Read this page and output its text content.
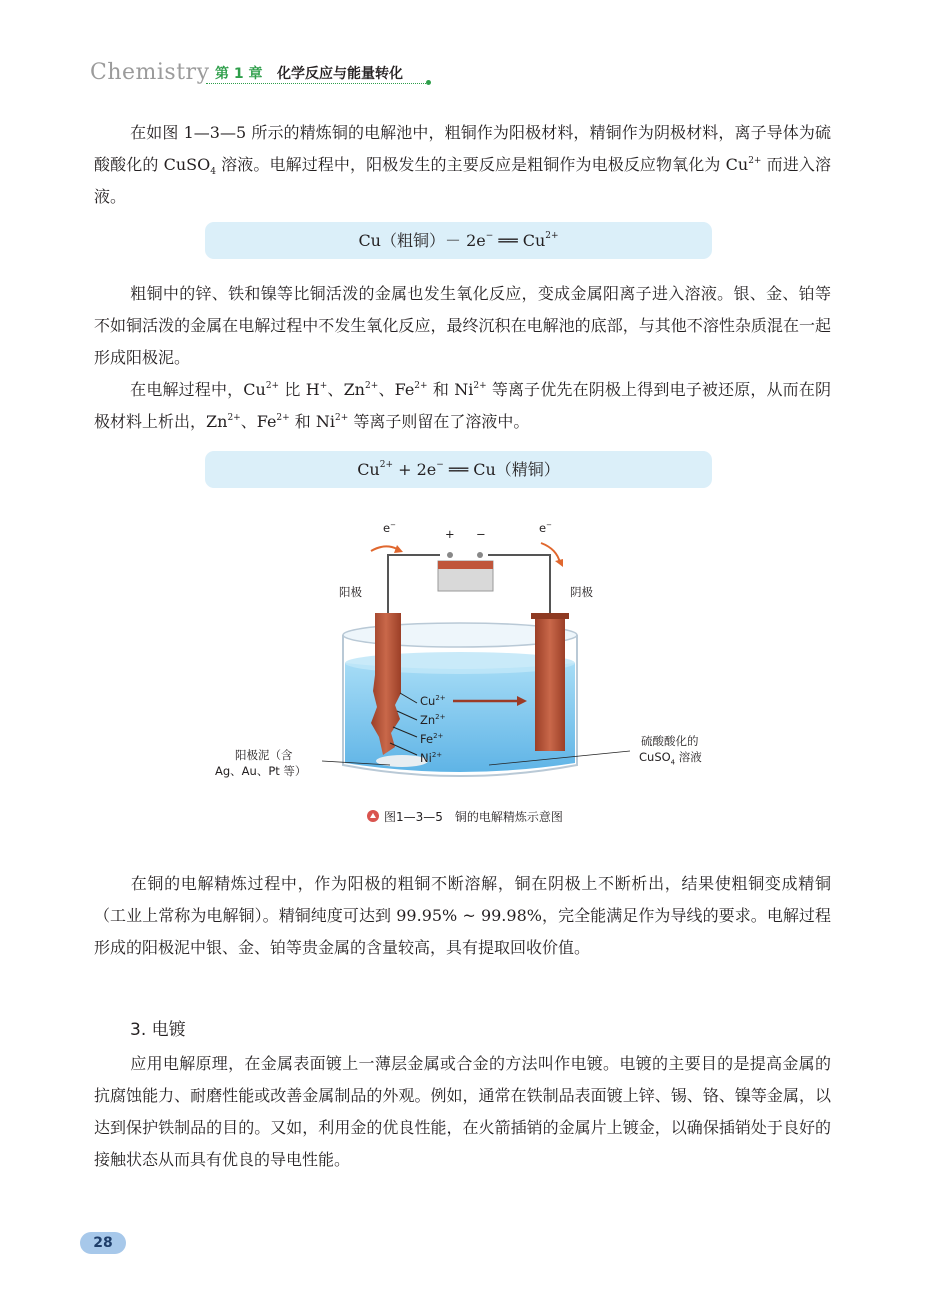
Chemistry 第 1 章 化学反应与能量转化

在如图 1—3—5 所示的精炼铜的电解池中，粗铜作为阳极材料，精铜作为阴极材料，离子导体为硫酸酸化的 CuSO$_4$ 溶液。电解过程中，阳极发生的主要反应是粗铜作为电极反应物氧化为 $Cu^{2+}$ 而进入溶液。

Cu（粗铜）－ 2e− ══ $Cu^{2+}$

粗铜中的锌、铁和镍等比铜活泼的金属也发生氧化反应，变成金属阳离子进入溶液。银、金、铂等不如铜活泼的金属在电解过程中不发生氧化反应，最终沉积在电解池的底部，与其他不溶性杂质混在一起形成阳极泥。

在电解过程中，$Cu^{2+}$ 比 H+、$Zn^{2+}$、$Fe^{2+}$ 和 $Ni^{2+}$ 等离子优先在阴极上得到电子被还原，从而在阴极材料上析出，$Zn^{2+}$、$Fe^{2+}$ 和 $Ni^{2+}$ 等离子则留在了溶液中。

$Cu^{2+} + 2e^-$ ══ Cu（精铜）
e−	e−
+ −
阳极	阴极
$Cu^{2+}$
$Zn^{2+}$
$Fe^{2+}$
$Ni^{2+}$
阳极泥（含
Ag、Au、Pt 等）
硫酸酸化的
CuSO$_4$ 溶液
图1—3—5　铜的电解精炼示意图

在铜的电解精炼过程中，作为阳极的粗铜不断溶解，铜在阴极上不断析出，结果使粗铜变成精铜（工业上常称为电解铜）。精铜纯度可达到 99.95% ~ 99.98%，完全能满足作为导线的要求。电解过程形成的阳极泥中银、金、铂等贵金属的含量较高，具有提取回收价值。

3. 电镀

应用电解原理，在金属表面镀上一薄层金属或合金的方法叫作电镀。电镀的主要目的是提高金属的抗腐蚀能力、耐磨性能或改善金属制品的外观。例如，通常在铁制品表面镀上锌、锡、铬、镍等金属，以达到保护铁制品的目的。又如，利用金的优良性能，在火箭插销的金属片上镀金，以确保插销处于良好的接触状态从而具有优良的导电性能。

28
